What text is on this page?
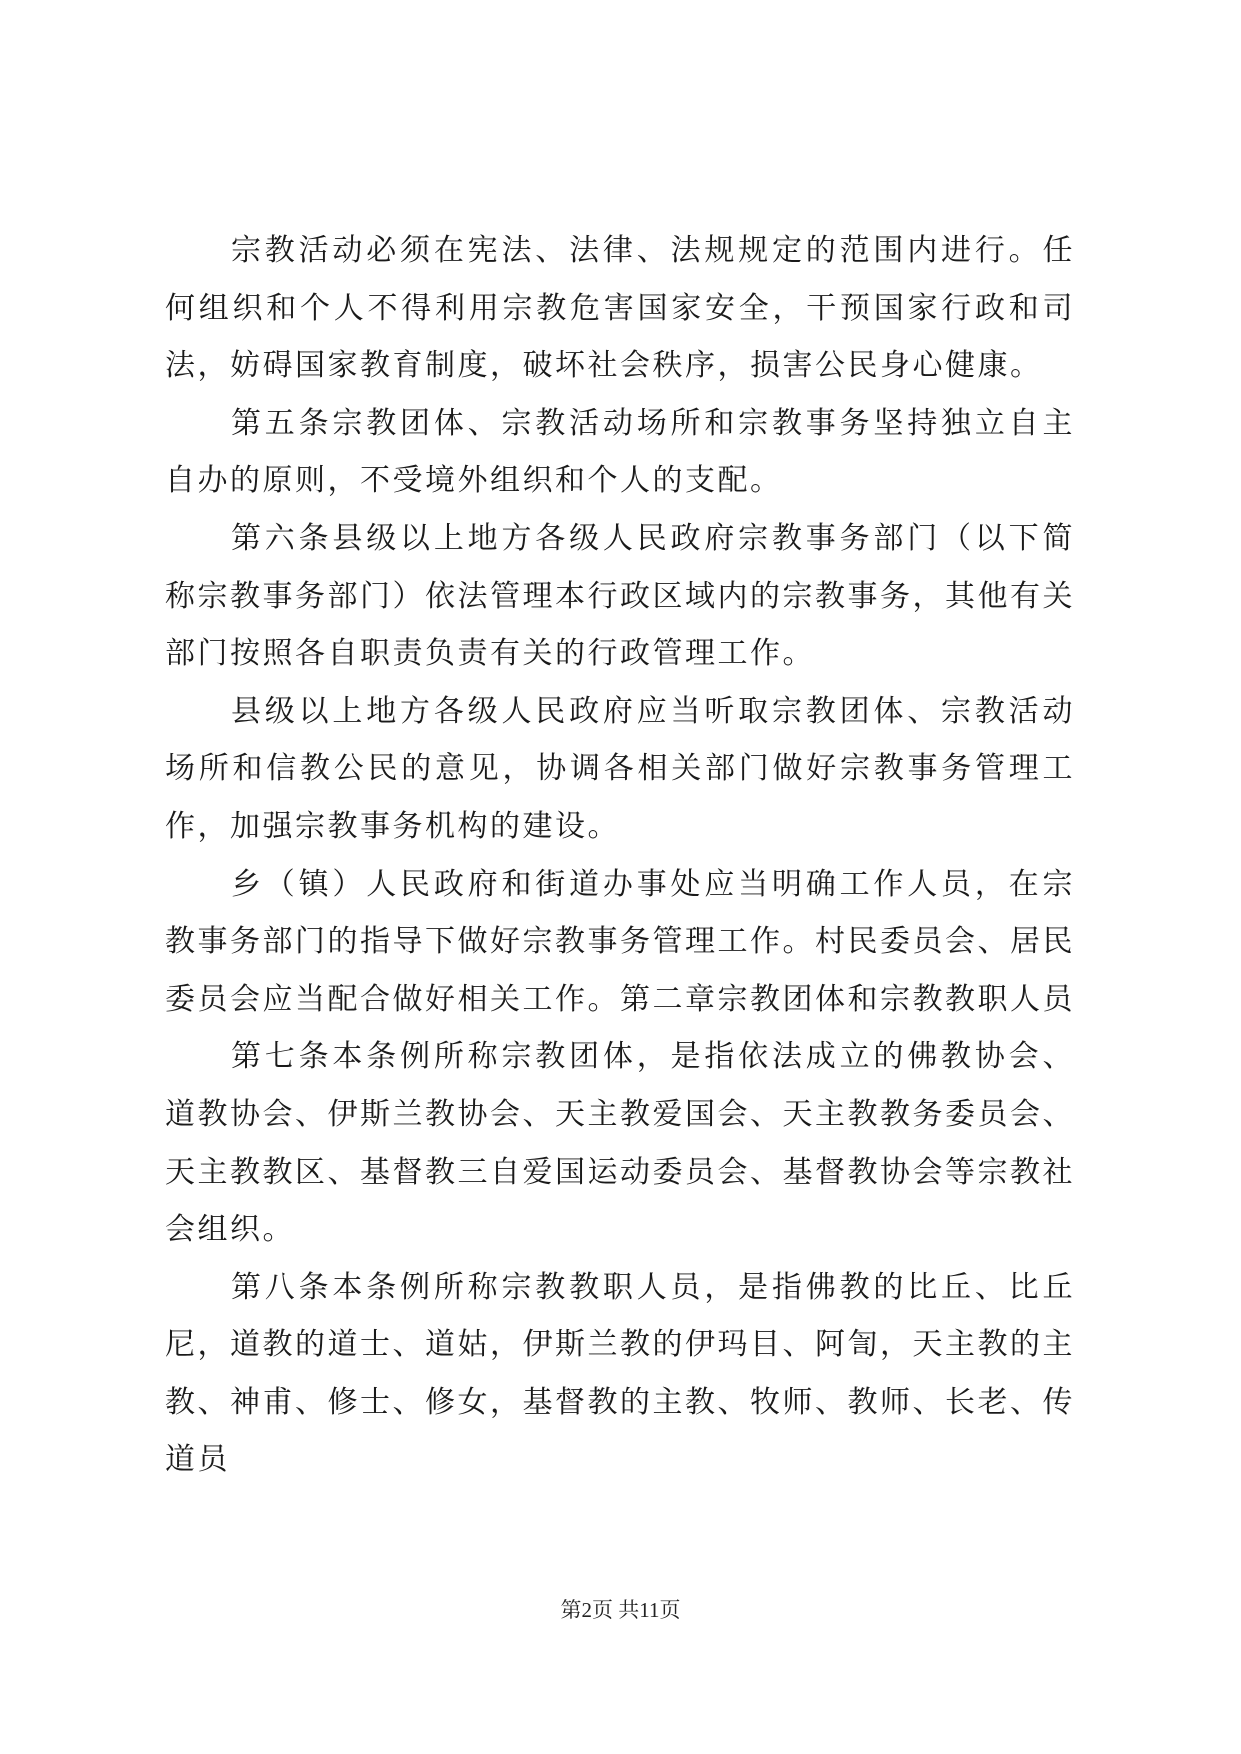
宗教活动必须在宪法、法律、法规规定的范围内进行。任何组织和个人不得利用宗教危害国家安全，干预国家行政和司法，妨碍国家教育制度，破坏社会秩序，损害公民身心健康。

第五条宗教团体、宗教活动场所和宗教事务坚持独立自主自办的原则，不受境外组织和个人的支配。

第六条县级以上地方各级人民政府宗教事务部门（以下简称宗教事务部门）依法管理本行政区域内的宗教事务，其他有关部门按照各自职责负责有关的行政管理工作。

县级以上地方各级人民政府应当听取宗教团体、宗教活动场所和信教公民的意见，协调各相关部门做好宗教事务管理工作，加强宗教事务机构的建设。

乡（镇）人民政府和街道办事处应当明确工作人员，在宗教事务部门的指导下做好宗教事务管理工作。村民委员会、居民委员会应当配合做好相关工作。第二章宗教团体和宗教教职人员

第七条本条例所称宗教团体，是指依法成立的佛教协会、道教协会、伊斯兰教协会、天主教爱国会、天主教教务委员会、天主教教区、基督教三自爱国运动委员会、基督教协会等宗教社会组织。

第八条本条例所称宗教教职人员，是指佛教的比丘、比丘尼，道教的道士、道姑，伊斯兰教的伊玛目、阿訇，天主教的主教、神甫、修士、修女，基督教的主教、牧师、教师、长老、传道员

第2页 共11页
